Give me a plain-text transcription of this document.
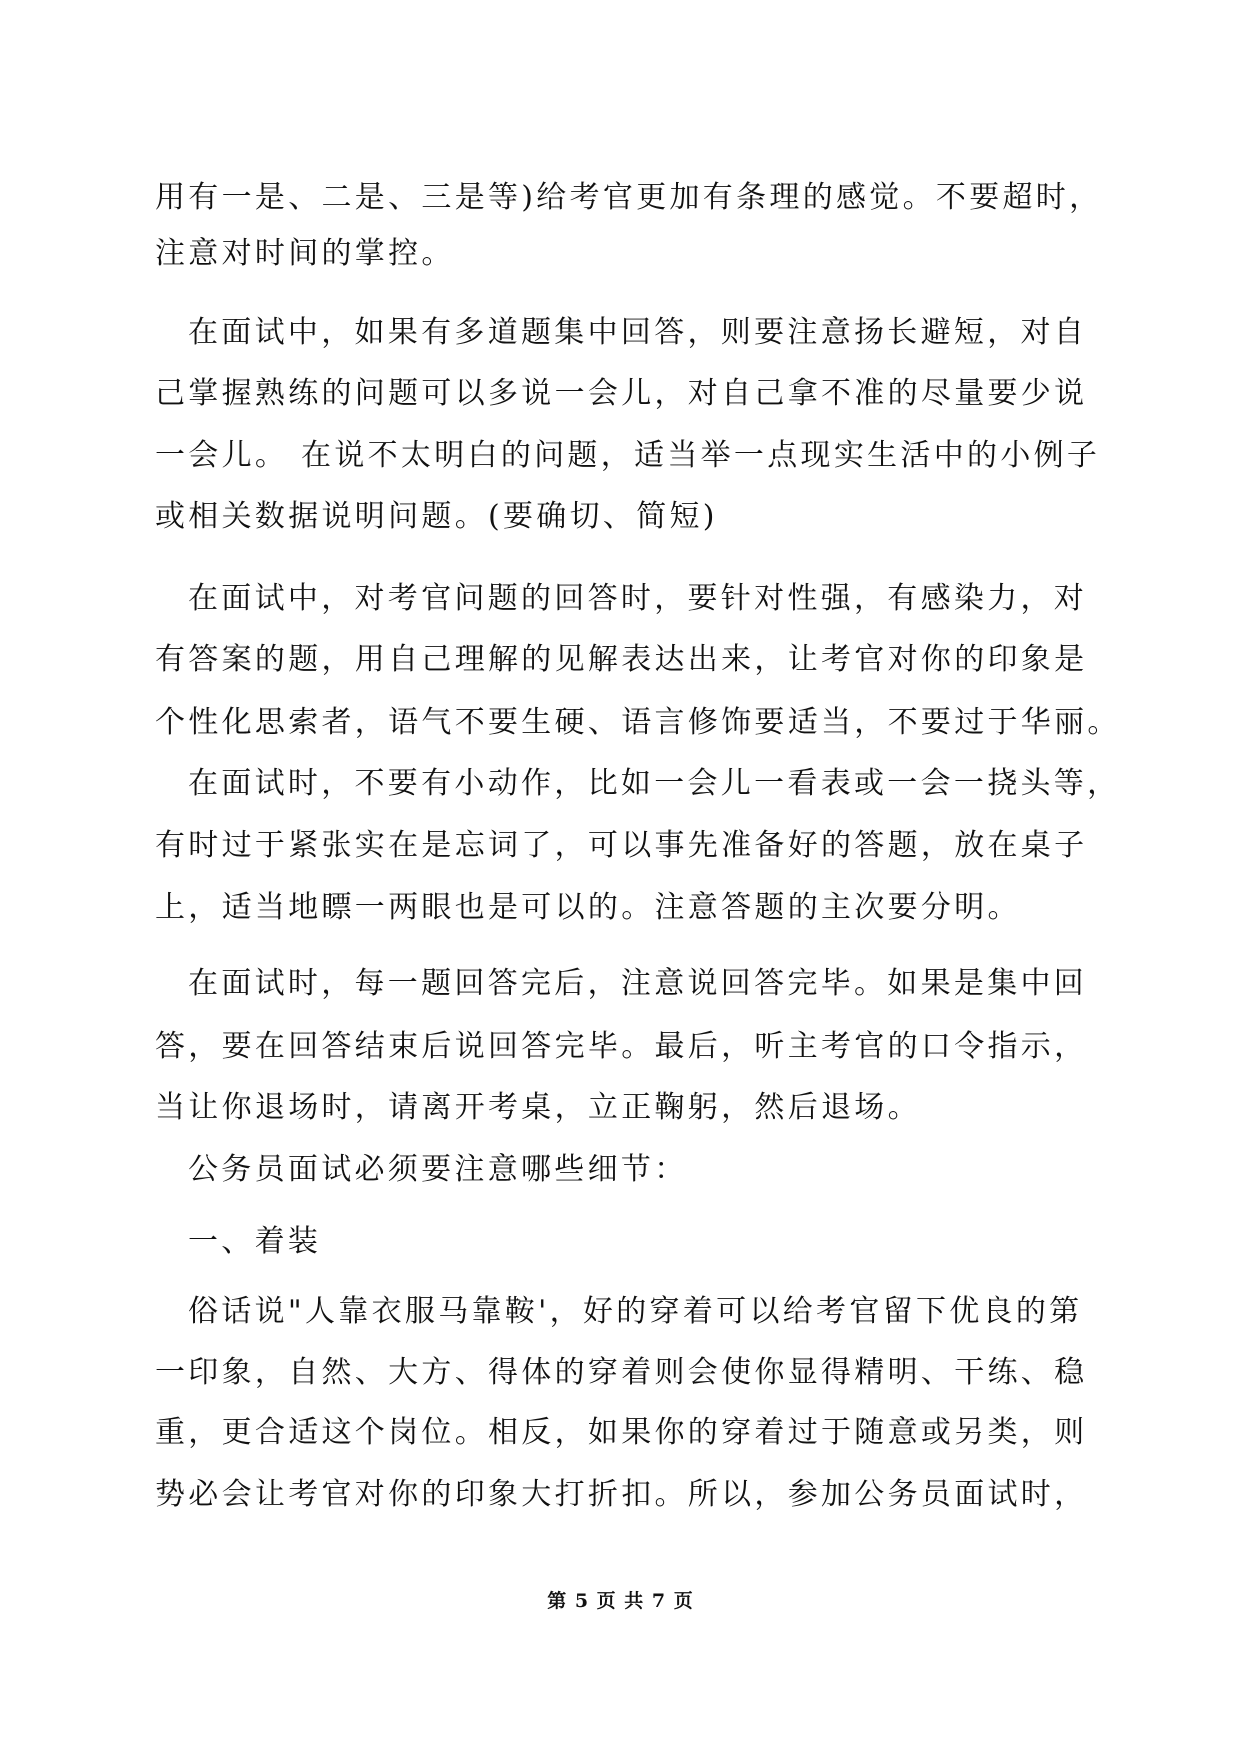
用有一是、二是、三是等)给考官更加有条理的感觉。不要超时，
注意对时间的掌控。
在面试中，如果有多道题集中回答，则要注意扬长避短，对自
己掌握熟练的问题可以多说一会儿，对自己拿不准的尽量要少说
一会儿。 在说不太明白的问题，适当举一点现实生活中的小例子
或相关数据说明问题。(要确切、简短)
在面试中，对考官问题的回答时，要针对性强，有感染力，对
有答案的题，用自己理解的见解表达出来，让考官对你的印象是
个性化思索者，语气不要生硬、语言修饰要适当，不要过于华丽。
在面试时，不要有小动作，比如一会儿一看表或一会一挠头等，
有时过于紧张实在是忘词了，可以事先准备好的答题，放在桌子
上，适当地瞟一两眼也是可以的。注意答题的主次要分明。
在面试时，每一题回答完后，注意说回答完毕。如果是集中回
答，要在回答结束后说回答完毕。最后，听主考官的口令指示，
当让你退场时，请离开考桌，立正鞠躬，然后退场。
公务员面试必须要注意哪些细节：
一、着装
俗话说"人靠衣服马靠鞍'，好的穿着可以给考官留下优良的第
一印象，自然、大方、得体的穿着则会使你显得精明、干练、稳
重，更合适这个岗位。相反，如果你的穿着过于随意或另类，则
势必会让考官对你的印象大打折扣。所以，参加公务员面试时，
第 5 页 共 7 页
